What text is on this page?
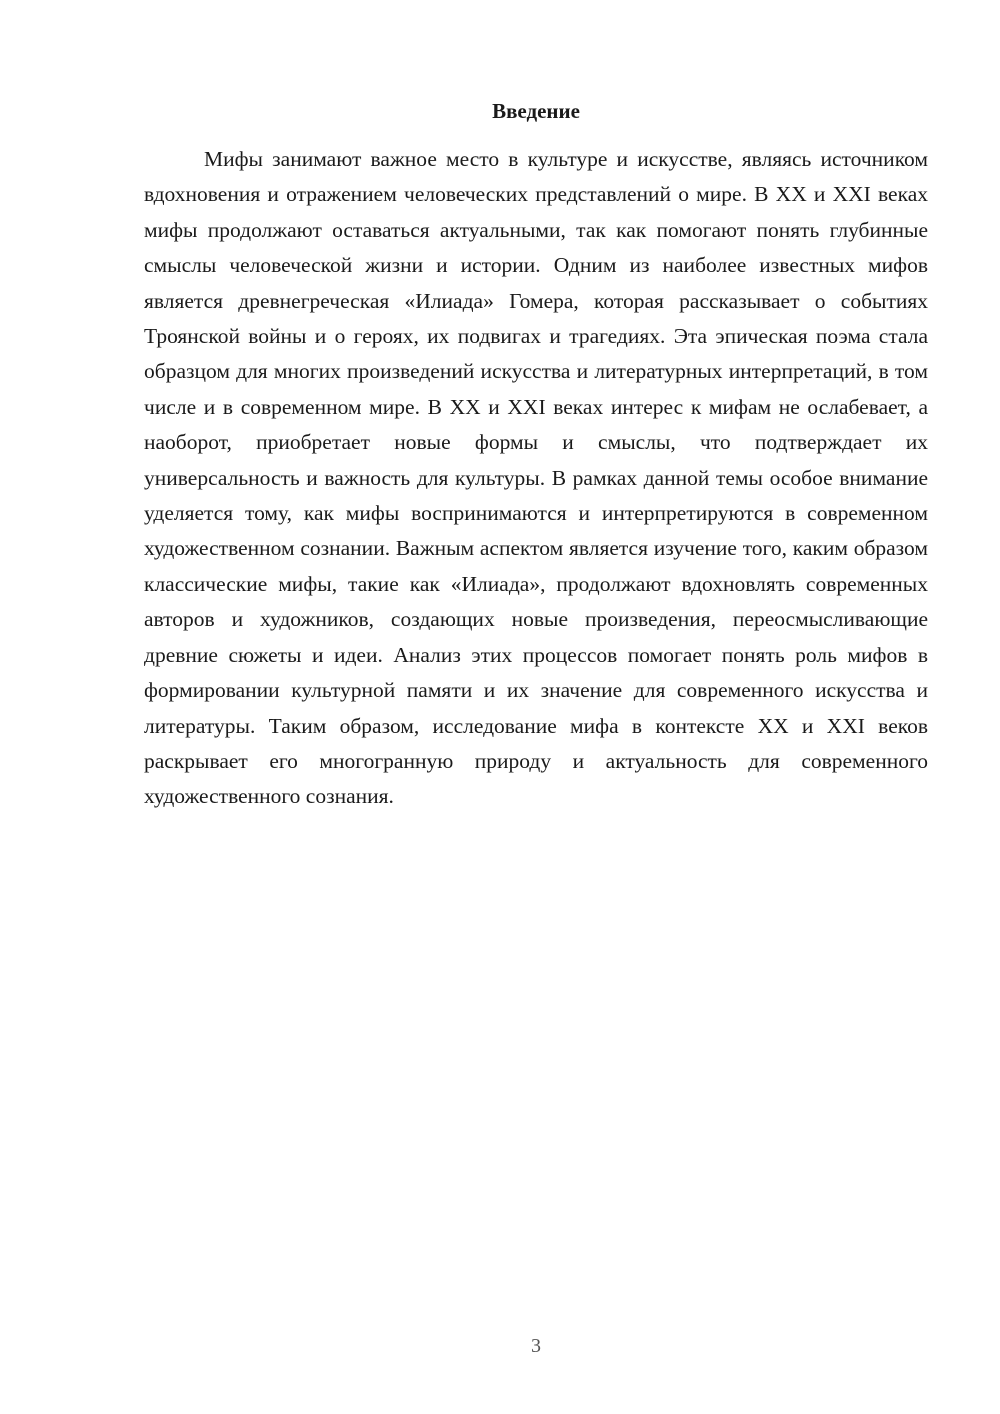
Введение

Мифы занимают важное место в культуре и искусстве, являясь источником вдохновения и отражением человеческих представлений о мире. В XX и XXI веках мифы продолжают оставаться актуальными, так как помогают понять глубинные смыслы человеческой жизни и истории. Одним из наиболее известных мифов является древнегреческая «Илиада» Гомера, которая рассказывает о событиях Троянской войны и о героях, их подвигах и трагедиях. Эта эпическая поэма стала образцом для многих произведений искусства и литературных интерпретаций, в том числе и в современном мире. В XX и XXI веках интерес к мифам не ослабевает, а наоборот, приобретает новые формы и смыслы, что подтверждает их универсальность и важность для культуры. В рамках данной темы особое внимание уделяется тому, как мифы воспринимаются и интерпретируются в современном художественном сознании. Важным аспектом является изучение того, каким образом классические мифы, такие как «Илиада», продолжают вдохновлять современных авторов и художников, создающих новые произведения, переосмысливающие древние сюжеты и идеи. Анализ этих процессов помогает понять роль мифов в формировании культурной памяти и их значение для современного искусства и литературы. Таким образом, исследование мифа в контексте XX и XXI веков раскрывает его многогранную природу и актуальность для современного художественного сознания.

3
